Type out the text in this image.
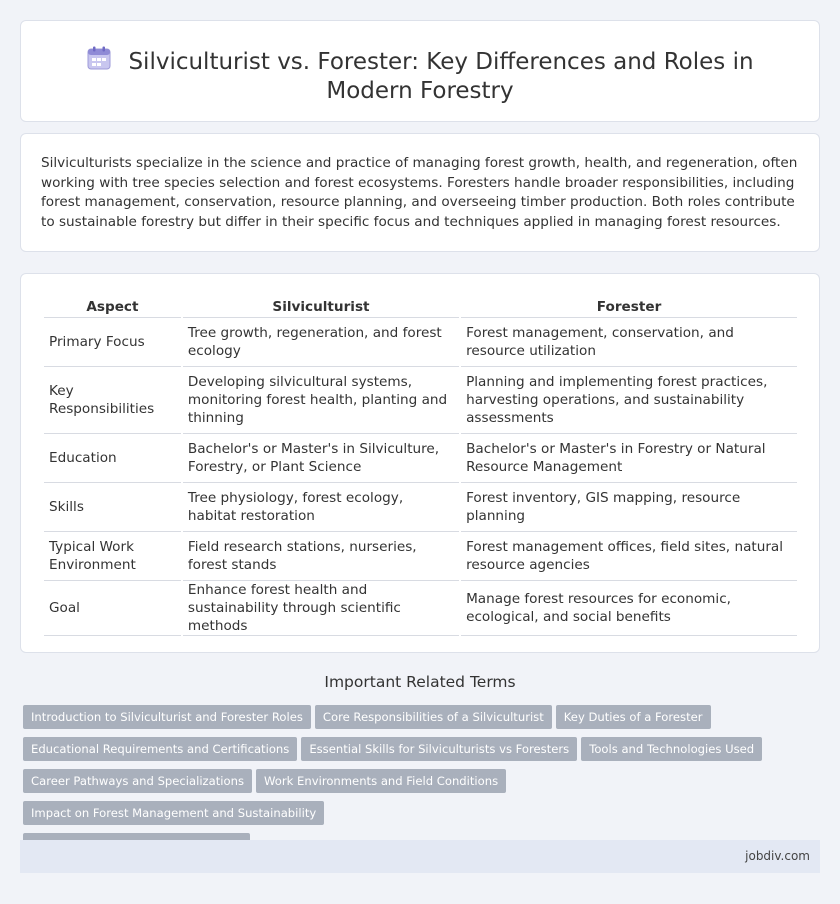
Silviculturist vs. Forester: Key Differences and Roles in Modern Forestry

Silviculturists specialize in the science and practice of managing forest growth, health, and regeneration, often working with tree species selection and forest ecosystems. Foresters handle broader responsibilities, including forest management, conservation, resource planning, and overseeing timber production. Both roles contribute to sustainable forestry but differ in their specific focus and techniques applied in managing forest resources.

Aspect	Silviculturist	Forester
Primary Focus	Tree growth, regeneration, and forest ecology	Forest management, conservation, and resource utilization
Key Responsibilities	Developing silvicultural systems, monitoring forest health, planting and thinning	Planning and implementing forest practices, harvesting operations, and sustainability assessments
Education	Bachelor's or Master's in Silviculture, Forestry, or Plant Science	Bachelor's or Master's in Forestry or Natural Resource Management
Skills	Tree physiology, forest ecology, habitat restoration	Forest inventory, GIS mapping, resource planning
Typical Work Environment	Field research stations, nurseries, forest stands	Forest management offices, field sites, natural resource agencies
Goal	Enhance forest health and sustainability through scientific methods	Manage forest resources for economic, ecological, and social benefits
Important Related Terms
Introduction to Silviculturist and Forester Roles Core Responsibilities of a Silviculturist Key Duties of a Forester
Educational Requirements and Certifications Essential Skills for Silviculturists vs Foresters Tools and Technologies Used
Career Pathways and Specializations Work Environments and Field ConditionsImpact on Forest Management and Sustainability

jobdiv.com
